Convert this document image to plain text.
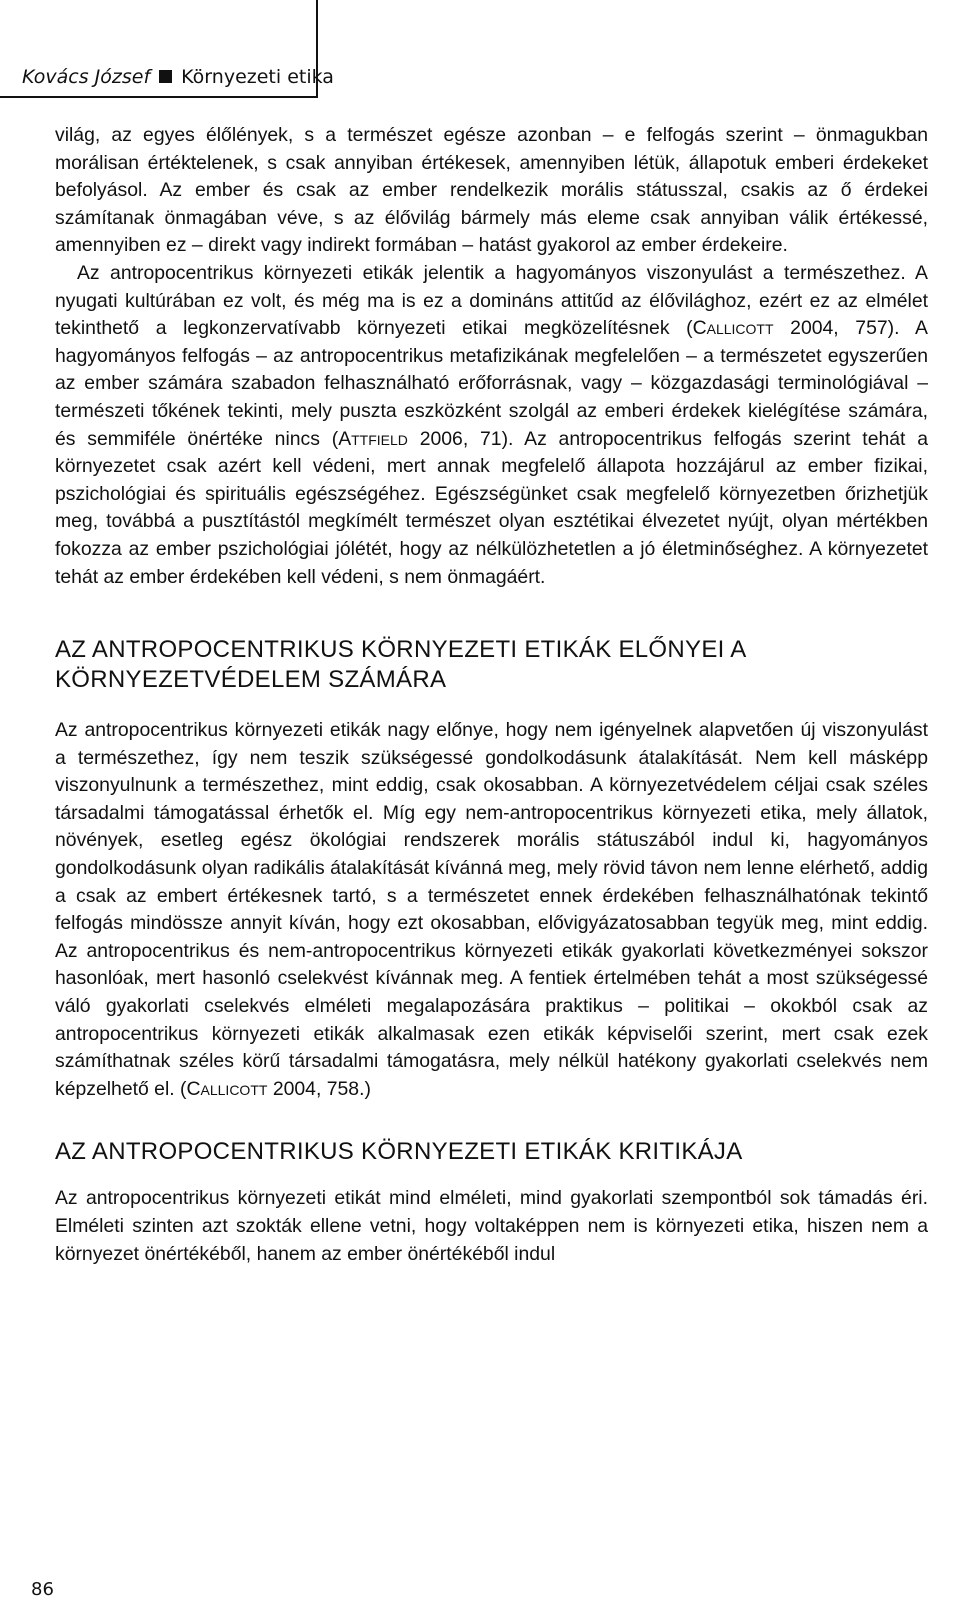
Kovács József Környezeti etika

világ, az egyes élőlények, s a természet egésze azonban – e felfogás szerint – önmagukban morálisan értéktelenek, s csak annyiban értékesek, amennyiben létük, állapotuk emberi érdekeket befolyásol. Az ember és csak az ember rendelkezik morális státusszal, csakis az ő érdekei számítanak önmagában véve, s az élővilág bármely más eleme csak annyiban válik értékessé, amennyiben ez – direkt vagy indirekt formában – hatást gyakorol az ember érdekeire.

Az antropocentrikus környezeti etikák jelentik a hagyományos viszonyulást a természethez. A nyugati kultúrában ez volt, és még ma is ez a domináns attitűd az élővilághoz, ezért ez az elmélet tekinthető a legkonzervatívabb környezeti etikai megközelítésnek (Callicott 2004, 757). A hagyományos felfogás – az antropocentrikus metafizikának megfelelően – a természetet egyszerűen az ember számára szabadon felhasználható erőforrásnak, vagy – közgazdasági terminológiával – természeti tőkének tekinti, mely puszta eszközként szolgál az emberi érdekek kielégítése számára, és semmiféle önértéke nincs (Attfield 2006, 71). Az antropocentrikus felfogás szerint tehát a környezetet csak azért kell védeni, mert annak megfelelő állapota hozzájárul az ember fizikai, pszichológiai és spirituális egészségéhez. Egészségünket csak megfelelő környezetben őrizhetjük meg, továbbá a pusztítástól megkímélt természet olyan esztétikai élvezetet nyújt, olyan mértékben fokozza az ember pszichológiai jólétét, hogy az nélkülözhetetlen a jó életminőséghez. A környezetet tehát az ember érdekében kell védeni, s nem önmagáért.

AZ ANTROPOCENTRIKUS KÖRNYEZETI ETIKÁK ELŐNYEI A KÖRNYEZETVÉDELEM SZÁMÁRA

Az antropocentrikus környezeti etikák nagy előnye, hogy nem igényelnek alapvetően új viszonyulást a természethez, így nem teszik szükségessé gondolkodásunk átalakítását. Nem kell másképp viszonyulnunk a természethez, mint eddig, csak okosabban. A környezetvédelem céljai csak széles társadalmi támogatással érhetők el. Míg egy nem-antropocentrikus környezeti etika, mely állatok, növények, esetleg egész ökológiai rendszerek morális státuszából indul ki, hagyományos gondolkodásunk olyan radikális átalakítását kívánná meg, mely rövid távon nem lenne elérhető, addig a csak az embert értékesnek tartó, s a természetet ennek érdekében felhasználhatónak tekintő felfogás mindössze annyit kíván, hogy ezt okosabban, elővigyázatosabban tegyük meg, mint eddig. Az antropocentrikus és nem-antropocentrikus környezeti etikák gyakorlati következményei sokszor hasonlóak, mert hasonló cselekvést kívánnak meg. A fentiek értelmében tehát a most szükségessé váló gyakorlati cselekvés elméleti megalapozására praktikus – politikai – okokból csak az antropocentrikus környezeti etikák alkalmasak ezen etikák képviselői szerint, mert csak ezek számíthatnak széles körű társadalmi támogatásra, mely nélkül hatékony gyakorlati cselekvés nem képzelhető el. (Callicott 2004, 758.)

AZ ANTROPOCENTRIKUS KÖRNYEZETI ETIKÁK KRITIKÁJA

Az antropocentrikus környezeti etikát mind elméleti, mind gyakorlati szempontból sok támadás éri. Elméleti szinten azt szokták ellene vetni, hogy voltaképpen nem is környezeti etika, hiszen nem a környezet önértékéből, hanem az ember önértékéből indul

86
